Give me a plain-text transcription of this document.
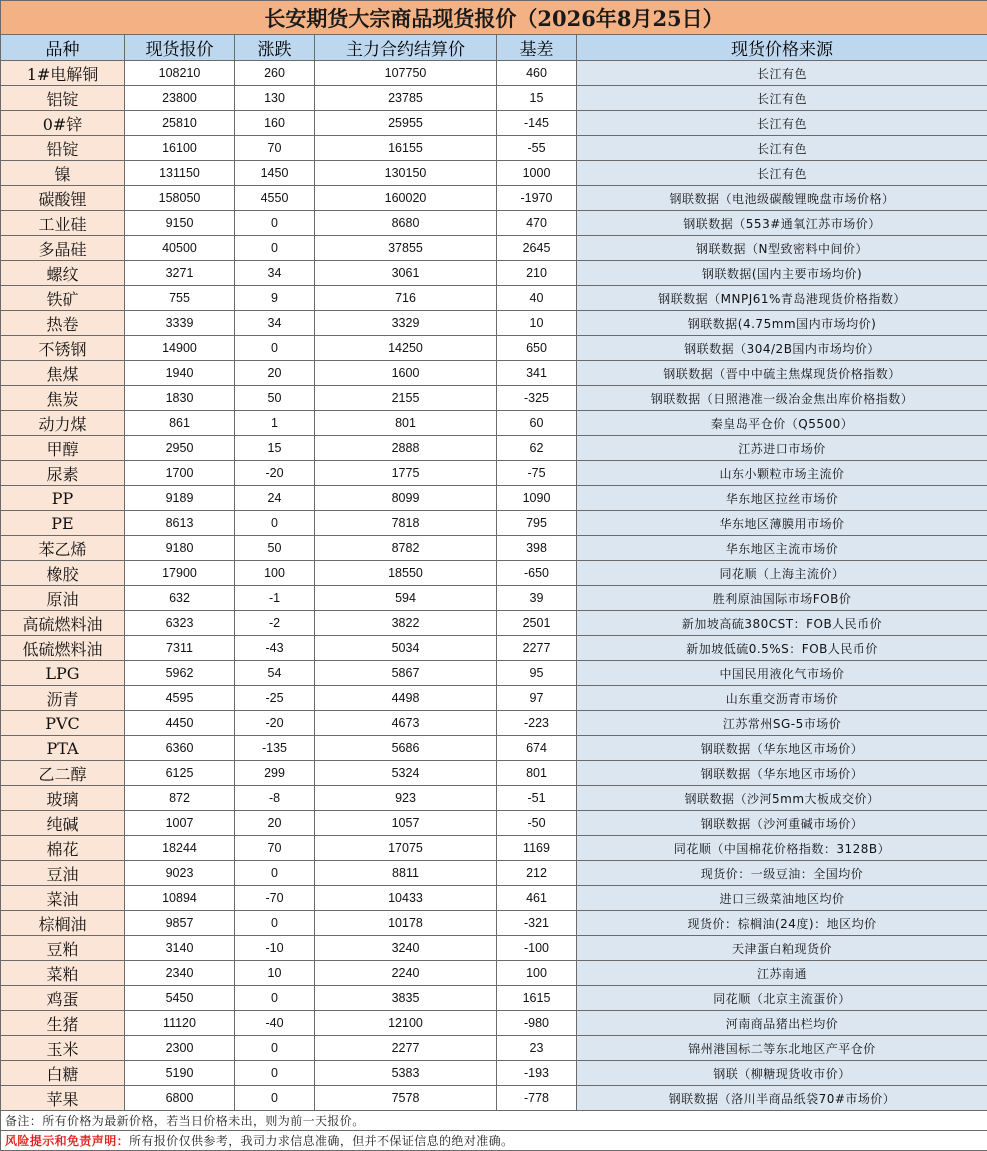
长安期货大宗商品现货报价（2026年8月25日）					
品种	现货报价	涨跌	主力合约结算价	基差	现货价格来源
1#电解铜	108210	260	107750	460	长江有色
铝锭	23800	130	23785	15	长江有色
0#锌	25810	160	25955	-145	长江有色
铅锭	16100	70	16155	-55	长江有色
镍	131150	1450	130150	1000	长江有色
碳酸锂	158050	4550	160020	-1970	钢联数据（电池级碳酸锂晚盘市场价格）
工业硅	9150	0	8680	470	钢联数据（553#通氧江苏市场价）
多晶硅	40500	0	37855	2645	钢联数据（N型致密料中间价）
螺纹	3271	34	3061	210	钢联数据(国内主要市场均价)
铁矿	755	9	716	40	钢联数据（MNPJ61%青岛港现货价格指数）
热卷	3339	34	3329	10	钢联数据(4.75mm国内市场均价)
不锈钢	14900	0	14250	650	钢联数据（304/2B国内市场均价）
焦煤	1940	20	1600	341	钢联数据（晋中中硫主焦煤现货价格指数）
焦炭	1830	50	2155	-325	钢联数据（日照港准一级冶金焦出库价格指数）
动力煤	861	1	801	60	秦皇岛平仓价（Q5500）
甲醇	2950	15	2888	62	江苏进口市场价
尿素	1700	-20	1775	-75	山东小颗粒市场主流价
PP	9189	24	8099	1090	华东地区拉丝市场价
PE	8613	0	7818	795	华东地区薄膜用市场价
苯乙烯	9180	50	8782	398	华东地区主流市场价
橡胶	17900	100	18550	-650	同花顺（上海主流价）
原油	632	-1	594	39	胜利原油国际市场FOB价
高硫燃料油	6323	-2	3822	2501	新加坡高硫380CST：FOB人民币价
低硫燃料油	7311	-43	5034	2277	新加坡低硫0.5%S：FOB人民币价
LPG	5962	54	5867	95	中国民用液化气市场价
沥青	4595	-25	4498	97	山东重交沥青市场价
PVC	4450	-20	4673	-223	江苏常州SG-5市场价
PTA	6360	-135	5686	674	钢联数据（华东地区市场价）
乙二醇	6125	299	5324	801	钢联数据（华东地区市场价）
玻璃	872	-8	923	-51	钢联数据（沙河5mm大板成交价）
纯碱	1007	20	1057	-50	钢联数据（沙河重碱市场价）
棉花	18244	70	17075	1169	同花顺（中国棉花价格指数：3128B）
豆油	9023	0	8811	212	现货价：一级豆油：全国均价
菜油	10894	-70	10433	461	进口三级菜油地区均价
棕榈油	9857	0	10178	-321	现货价：棕榈油(24度)：地区均价
豆粕	3140	-10	3240	-100	天津蛋白粕现货价
菜粕	2340	10	2240	100	江苏南通
鸡蛋	5450	0	3835	1615	同花顺（北京主流蛋价）
生猪	11120	-40	12100	-980	河南商品猪出栏均价
玉米	2300	0	2277	23	锦州港国标二等东北地区产平仓价
白糖	5190	0	5383	-193	钢联（柳糖现货收市价）
苹果	6800	0	7578	-778	钢联数据（洛川半商品纸袋70#市场价）
备注：所有价格为最新价格，若当日价格未出，则为前一天报价。					
风险提示和免责声明：所有报价仅供参考，我司力求信息准确，但并不保证信息的绝对准确。					
